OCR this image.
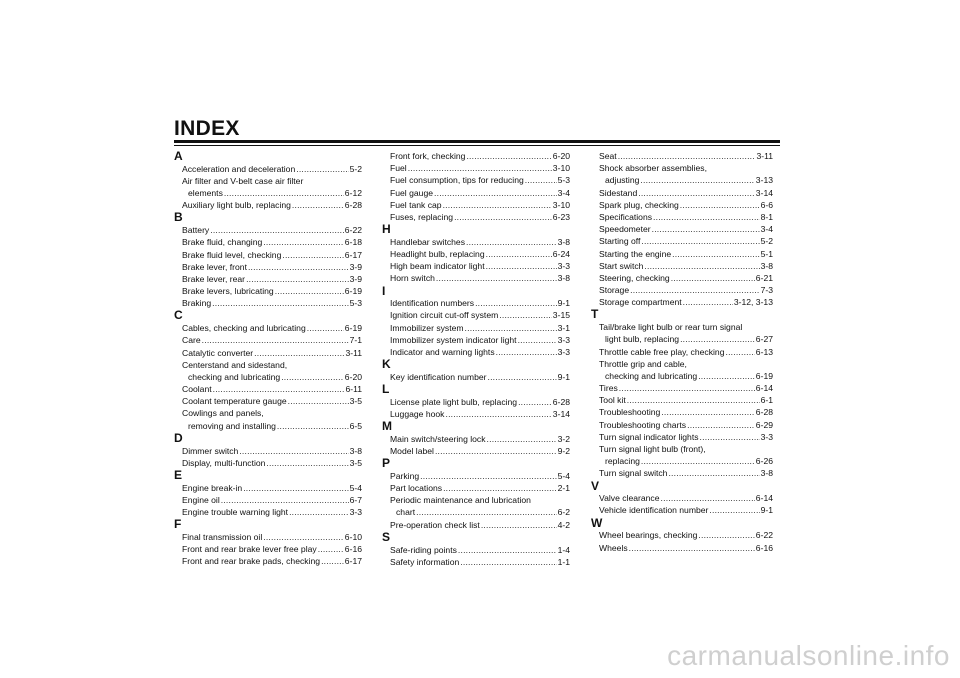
INDEX
A
Acceleration and deceleration .....	5-2
Air filter and V-belt case air filter
elements .....	6-12
Auxiliary light bulb, replacing .....	6-28
B
Battery .....	6-22
Brake fluid, changing .....	6-18
Brake fluid level, checking .....	6-17
Brake lever, front .....	3-9
Brake lever, rear .....	3-9
Brake levers, lubricating .....	6-19
Braking .....	5-3
C
Cables, checking and lubricating .....	6-19
Care .....	7-1
Catalytic converter .....	3-11
Centerstand and sidestand,
checking and lubricating .....	6-20
Coolant .....	6-11
Coolant temperature gauge .....	3-5
Cowlings and panels,
removing and installing .....	6-5
D
Dimmer switch .....	3-8
Display, multi-function .....	3-5
E
Engine break-in .....	5-4
Engine oil .....	6-7
Engine trouble warning light .....	3-3
F
Final transmission oil .....	6-10
Front and rear brake lever free play .....	6-16
Front and rear brake pads, checking .....	6-17
Front fork, checking .....	6-20
Fuel .....	3-10
Fuel consumption, tips for reducing .....	5-3
Fuel gauge .....	3-4
Fuel tank cap .....	3-10
Fuses, replacing .....	6-23
H
Handlebar switches .....	3-8
Headlight bulb, replacing .....	6-24
High beam indicator light .....	3-3
Horn switch .....	3-8
I
Identification numbers .....	9-1
Ignition circuit cut-off system .....	3-15
Immobilizer system .....	3-1
Immobilizer system indicator light .....	3-3
Indicator and warning lights .....	3-3
K
Key identification number .....	9-1
L
License plate light bulb, replacing .....	6-28
Luggage hook .....	3-14
M
Main switch/steering lock .....	3-2
Model label .....	9-2
P
Parking .....	5-4
Part locations .....	2-1
Periodic maintenance and lubrication
chart .....	6-2
Pre-operation check list .....	4-2
S
Safe-riding points .....	1-4
Safety information .....	1-1
Seat .....	3-11
Shock absorber assemblies,
adjusting .....	3-13
Sidestand .....	3-14
Spark plug, checking .....	6-6
Specifications .....	8-1
Speedometer .....	3-4
Starting off .....	5-2
Starting the engine .....	5-1
Start switch .....	3-8
Steering, checking .....	6-21
Storage .....	7-3
Storage compartment .....	3-12, 3-13
T
Tail/brake light bulb or rear turn signal
light bulb, replacing .....	6-27
Throttle cable free play, checking .....	6-13
Throttle grip and cable,
checking and lubricating .....	6-19
Tires .....	6-14
Tool kit .....	6-1
Troubleshooting .....	6-28
Troubleshooting charts .....	6-29
Turn signal indicator lights .....	3-3
Turn signal light bulb (front),
replacing .....	6-26
Turn signal switch .....	3-8
V
Valve clearance .....	6-14
Vehicle identification number .....	9-1
W
Wheel bearings, checking .....	6-22
Wheels .....	6-16
carmanualsonline.info
